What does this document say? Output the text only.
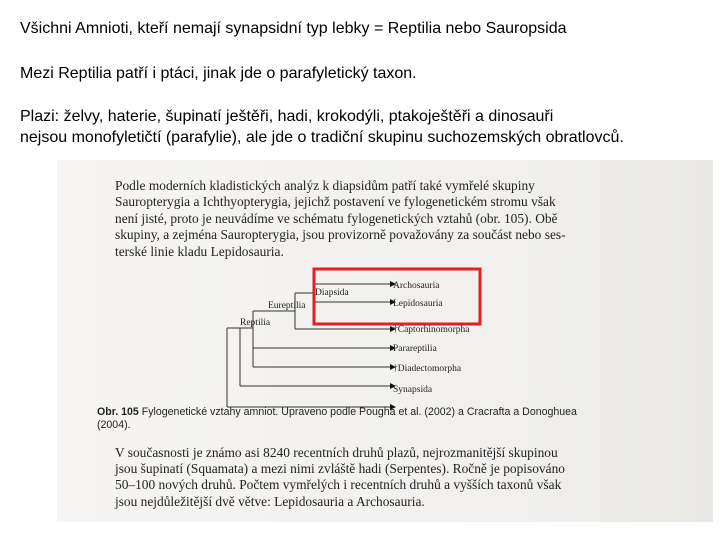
Všichni Amnioti, kteří nemají synapsidní typ lebky = Reptilia nebo Sauropsida
Mezi Reptilia patří i ptáci, jinak jde o parafyletický taxon.
Plazi: želvy, haterie, šupinatí ještěři, hadi, krokodýli, ptakoještěři a dinosauři
nejsou monofyletičtí (parafylie), ale jde o tradiční skupinu suchozemských obratlovců.
Podle moderních kladistických analýz k diapsidům patří také vymřelé skupiny
Sauropterygia a Ichthyopterygia, jejichž postavení ve fylogenetickém stromu však
není jisté, proto je neuvádíme ve schématu fylogenetických vztahů (obr. 105). Obě
skupiny, a zejména Sauropterygia, jsou provizorně považovány za součást nebo ses-
terské linie kladu Lepidosauria.
Diapsida
Eureptilia
Reptilia
Archosauria
Lepidosauria
†Captorhinomorpha
Parareptilia
†Diadectomorpha
Synapsida
Obr. 105 Fylogenetické vztahy amniot. Upraveno podle Pougha et al. (2002) a Cracrafta a Donoghuea
(2004).
V současnosti je známo asi 8240 recentních druhů plazů, nejrozmanitější skupinou
jsou šupinatí (Squamata) a mezi nimi zvláště hadi (Serpentes). Ročně je popisováno
50–100 nových druhů. Počtem vymřelých i recentních druhů a vyšších taxonů však
jsou nejdůležitější dvě větve: Lepidosauria a Archosauria.
